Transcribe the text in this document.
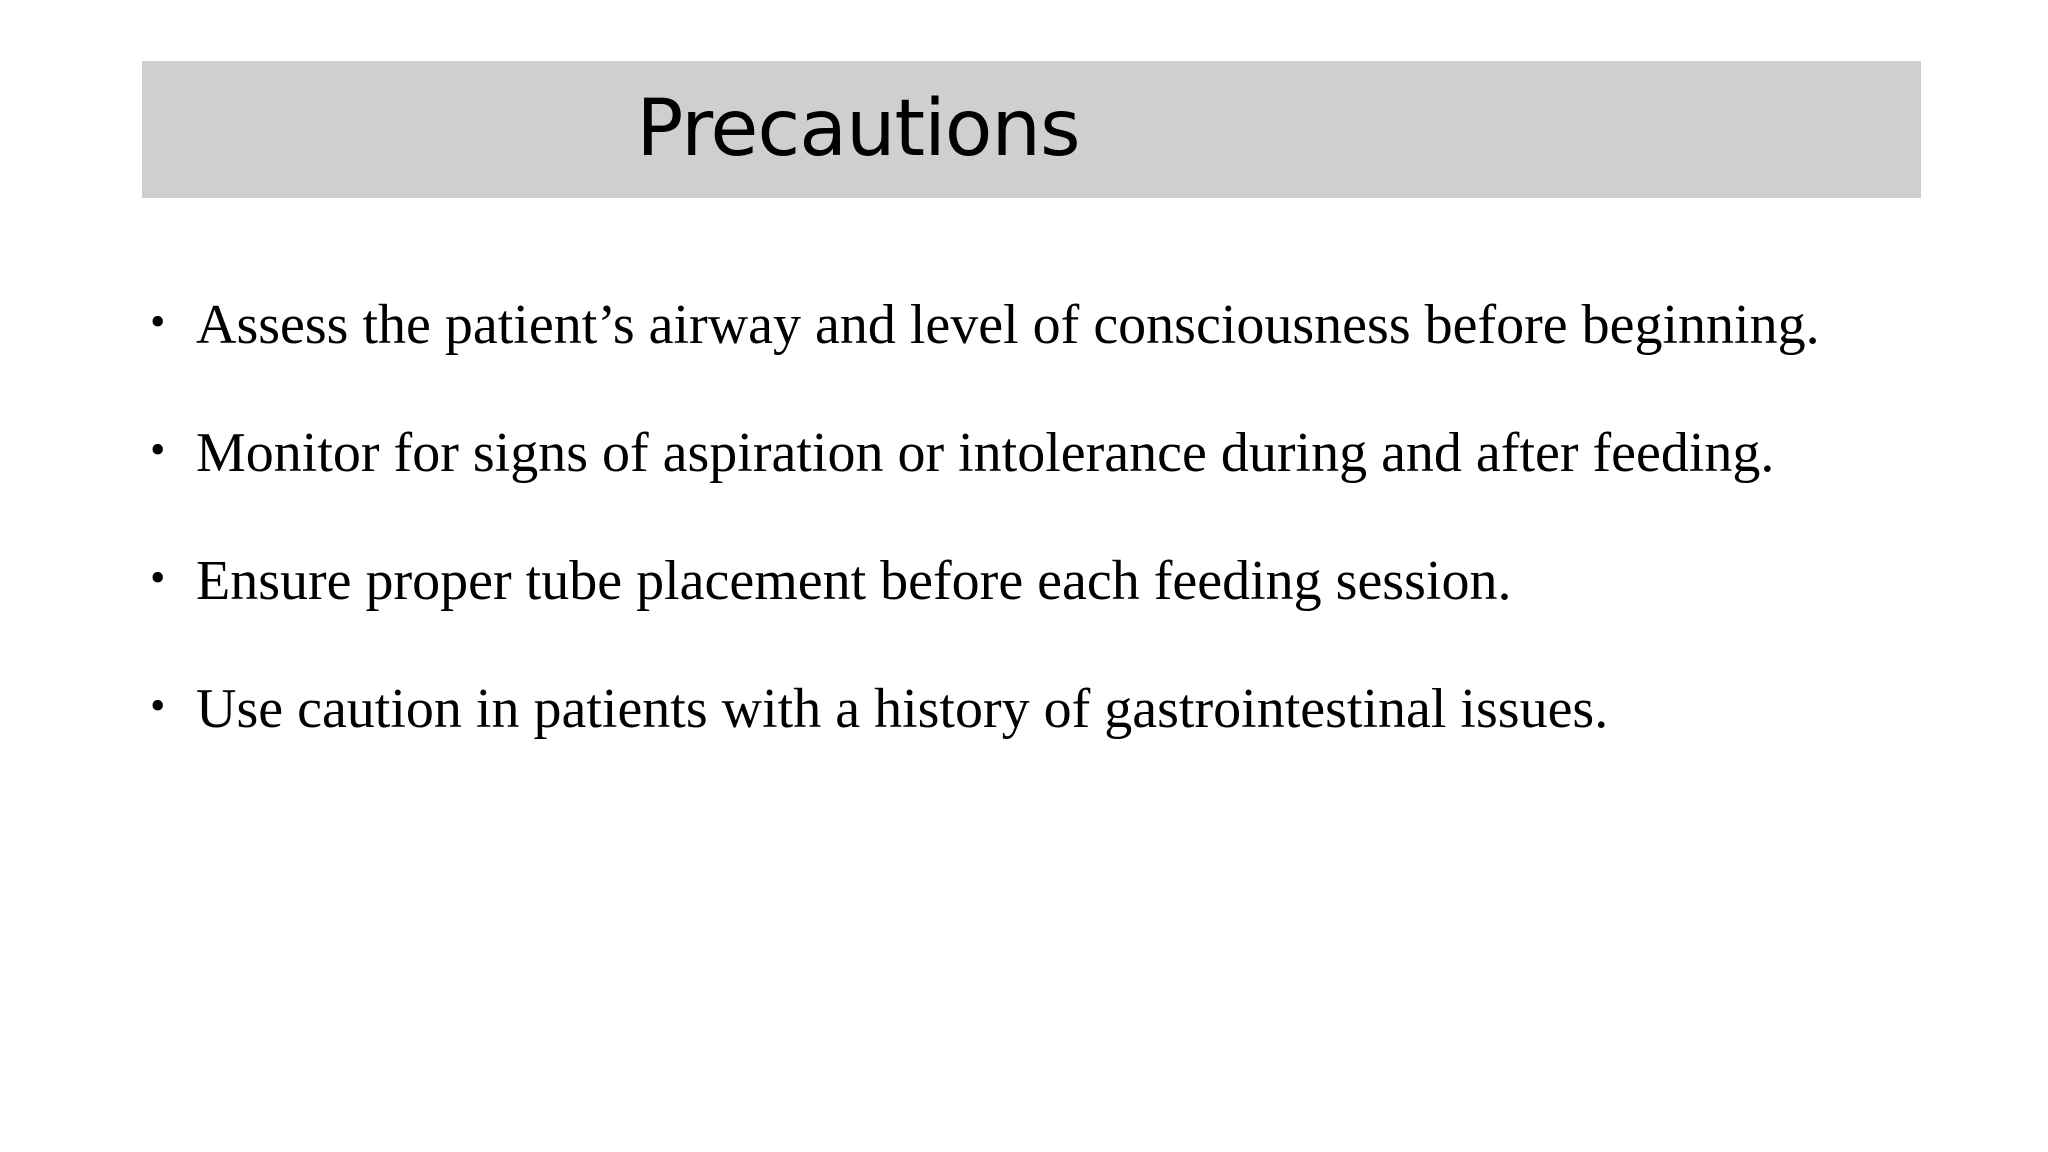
Precautions
• Assess the patient’s airway and level of consciousness before beginning.
• Monitor for signs of aspiration or intolerance during and after feeding.
• Ensure proper tube placement before each feeding session.
• Use caution in patients with a history of gastrointestinal issues.
